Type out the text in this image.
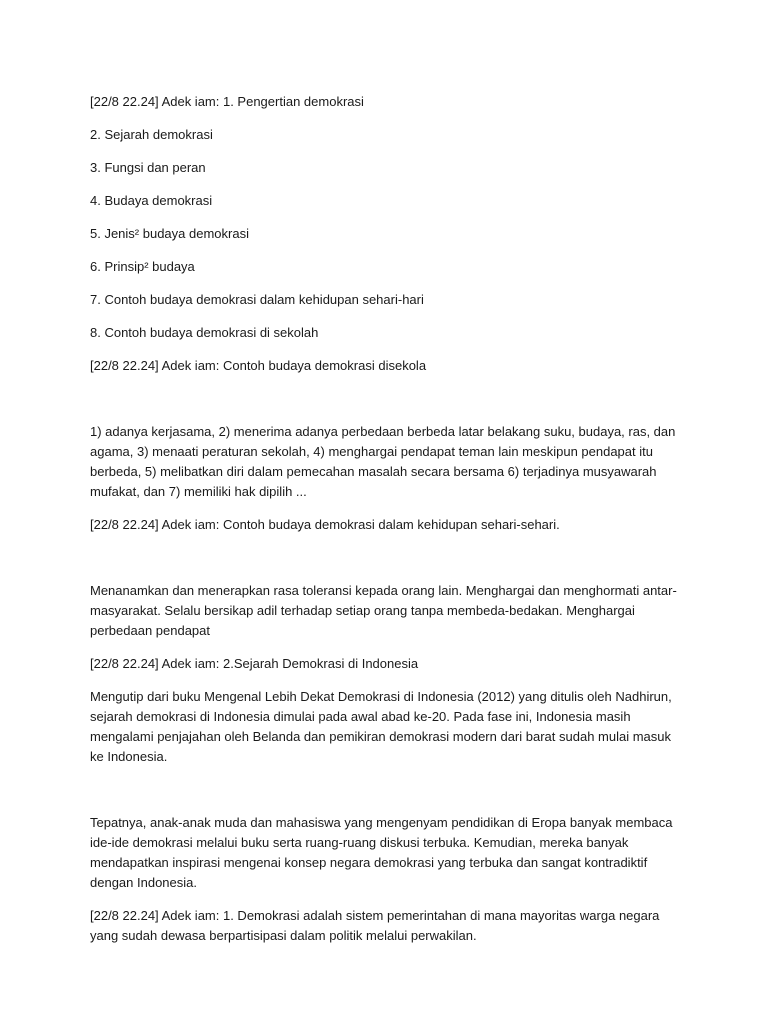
[22/8 22.24] Adek iam: 1. Pengertian demokrasi

2. Sejarah demokrasi

3. Fungsi dan peran

4. Budaya demokrasi

5. Jenis² budaya demokrasi

6. Prinsip² budaya

7. Contoh budaya demokrasi dalam kehidupan sehari-hari

8. Contoh budaya demokrasi di sekolah

[22/8 22.24] Adek iam: Contoh budaya demokrasi disekola

1) adanya kerjasama, 2) menerima adanya perbedaan berbeda latar belakang suku, budaya, ras, dan agama, 3) menaati peraturan sekolah, 4) menghargai pendapat teman lain meskipun pendapat itu berbeda, 5) melibatkan diri dalam pemecahan masalah secara bersama 6) terjadinya musyawarah mufakat, dan 7) memiliki hak dipilih ...

[22/8 22.24] Adek iam: Contoh budaya demokrasi dalam kehidupan sehari-sehari.

Menanamkan dan menerapkan rasa toleransi kepada orang lain. Menghargai dan menghormati antar-masyarakat. Selalu bersikap adil terhadap setiap orang tanpa membeda-bedakan. Menghargai perbedaan pendapat

[22/8 22.24] Adek iam: 2.Sejarah Demokrasi di Indonesia

Mengutip dari buku Mengenal Lebih Dekat Demokrasi di Indonesia (2012) yang ditulis oleh Nadhirun, sejarah demokrasi di Indonesia dimulai pada awal abad ke-20. Pada fase ini, Indonesia masih mengalami penjajahan oleh Belanda dan pemikiran demokrasi modern dari barat sudah mulai masuk ke Indonesia.

Tepatnya, anak-anak muda dan mahasiswa yang mengenyam pendidikan di Eropa banyak membaca ide-ide demokrasi melalui buku serta ruang-ruang diskusi terbuka. Kemudian, mereka banyak mendapatkan inspirasi mengenai konsep negara demokrasi yang terbuka dan sangat kontradiktif dengan Indonesia.

[22/8 22.24] Adek iam: 1. Demokrasi adalah sistem pemerintahan di mana mayoritas warga negara yang sudah dewasa berpartisipasi dalam politik melalui perwakilan.
